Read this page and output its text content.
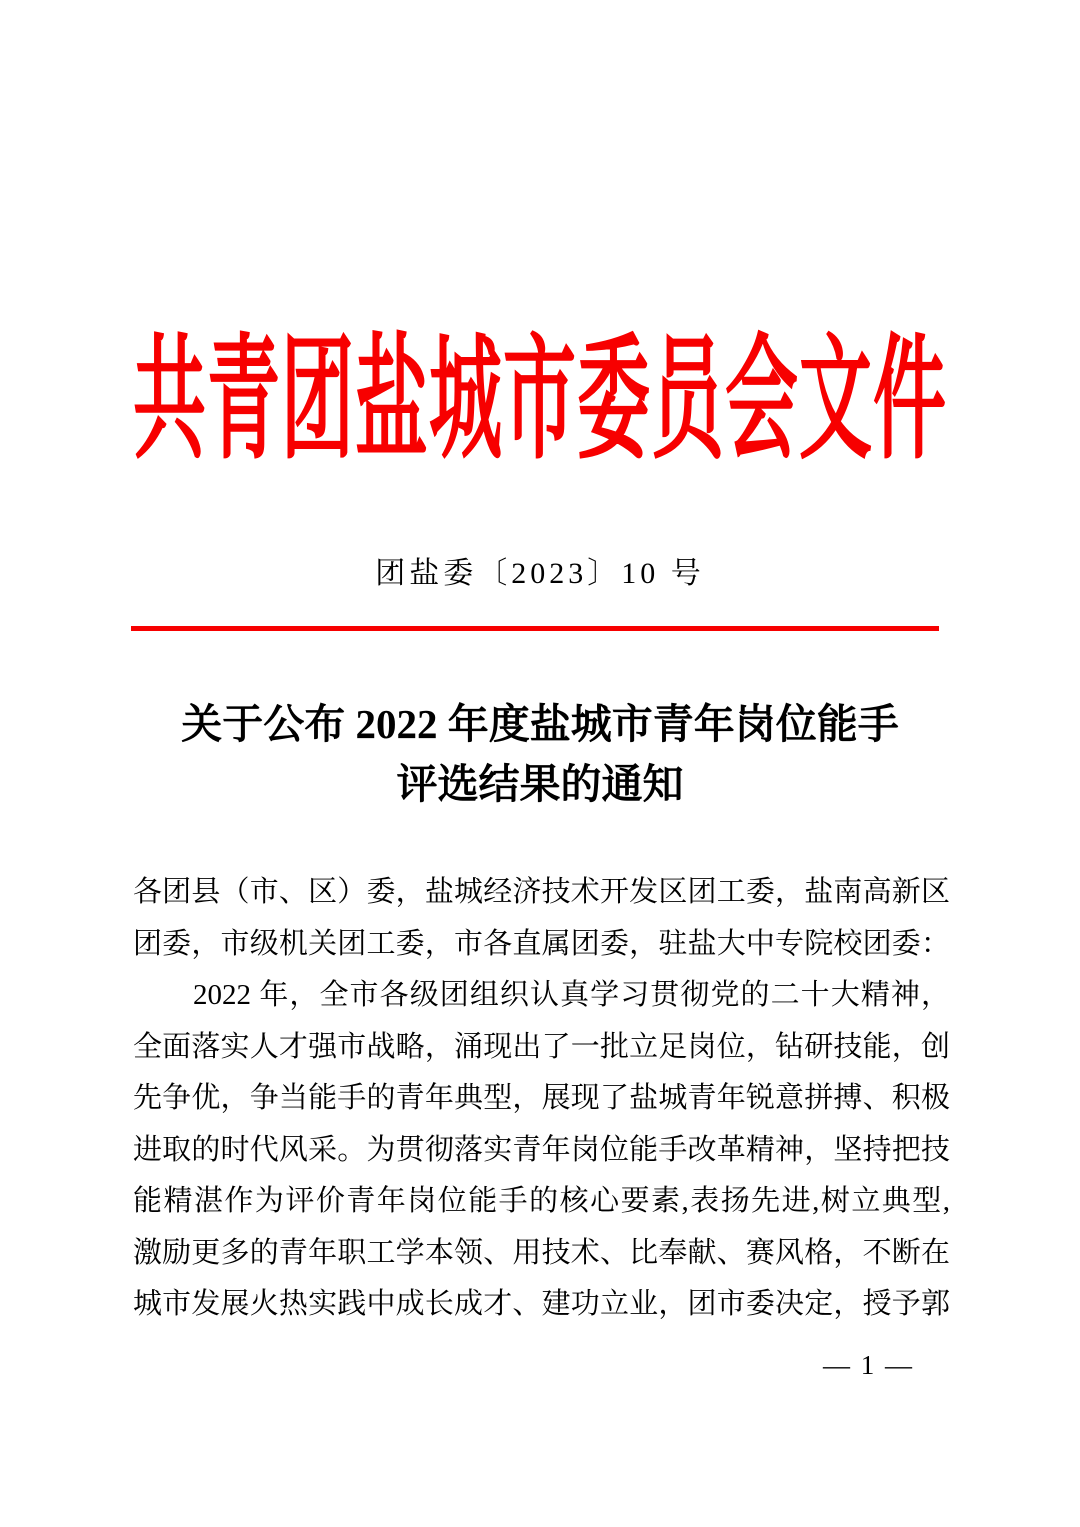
共青团盐城市委员会文件
团盐委〔2023〕10 号
关于公布 2022 年度盐城市青年岗位能手
评选结果的通知
各团县（市、区）委，盐城经济技术开发区团工委，盐南高新区
团委，市级机关团工委，市各直属团委，驻盐大中专院校团委：
2022 年，全市各级团组织认真学习贯彻党的二十大精神，
全面落实人才强市战略，涌现出了一批立足岗位，钻研技能，创
先争优，争当能手的青年典型，展现了盐城青年锐意拼搏、积极
进取的时代风采。为贯彻落实青年岗位能手改革精神，坚持把技
能精湛作为评价青年岗位能手的核心要素,表扬先进,树立典型,
激励更多的青年职工学本领、用技术、比奉献、赛风格，不断在
城市发展火热实践中成长成才、建功立业，团市委决定，授予郭
— 1 —
